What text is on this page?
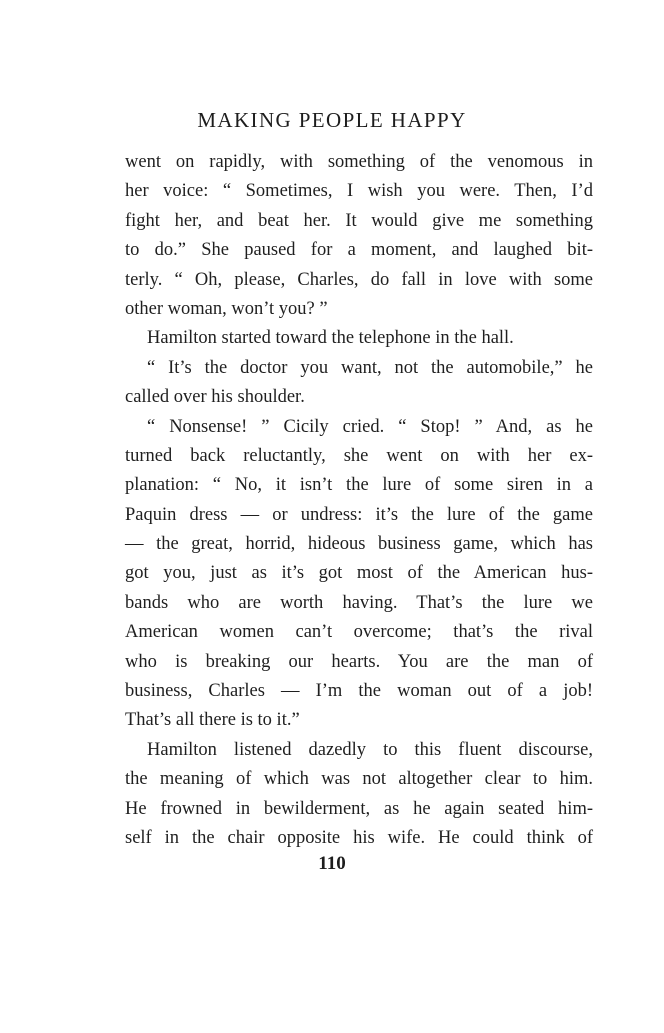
MAKING PEOPLE HAPPY
went on rapidly, with something of the venomous in
her voice: “ Sometimes, I wish you were. Then, I’d
fight her, and beat her. It would give me something
to do.” She paused for a moment, and laughed bit-
terly. “ Oh, please, Charles, do fall in love with some
other woman, won’t you? ”
Hamilton started toward the telephone in the hall.
“ It’s the doctor you want, not the automobile,” he
called over his shoulder.
“ Nonsense! ” Cicily cried. “ Stop! ” And, as he
turned back reluctantly, she went on with her ex-
planation: “ No, it isn’t the lure of some siren in a
Paquin dress — or undress: it’s the lure of the game
— the great, horrid, hideous business game, which has
got you, just as it’s got most of the American hus-
bands who are worth having. That’s the lure we
American women can’t overcome; that’s the rival
who is breaking our hearts. You are the man of
business, Charles — I’m the woman out of a job!
That’s all there is to it.”
Hamilton listened dazedly to this fluent discourse,
the meaning of which was not altogether clear to him.
He frowned in bewilderment, as he again seated him-
self in the chair opposite his wife. He could think of
110
